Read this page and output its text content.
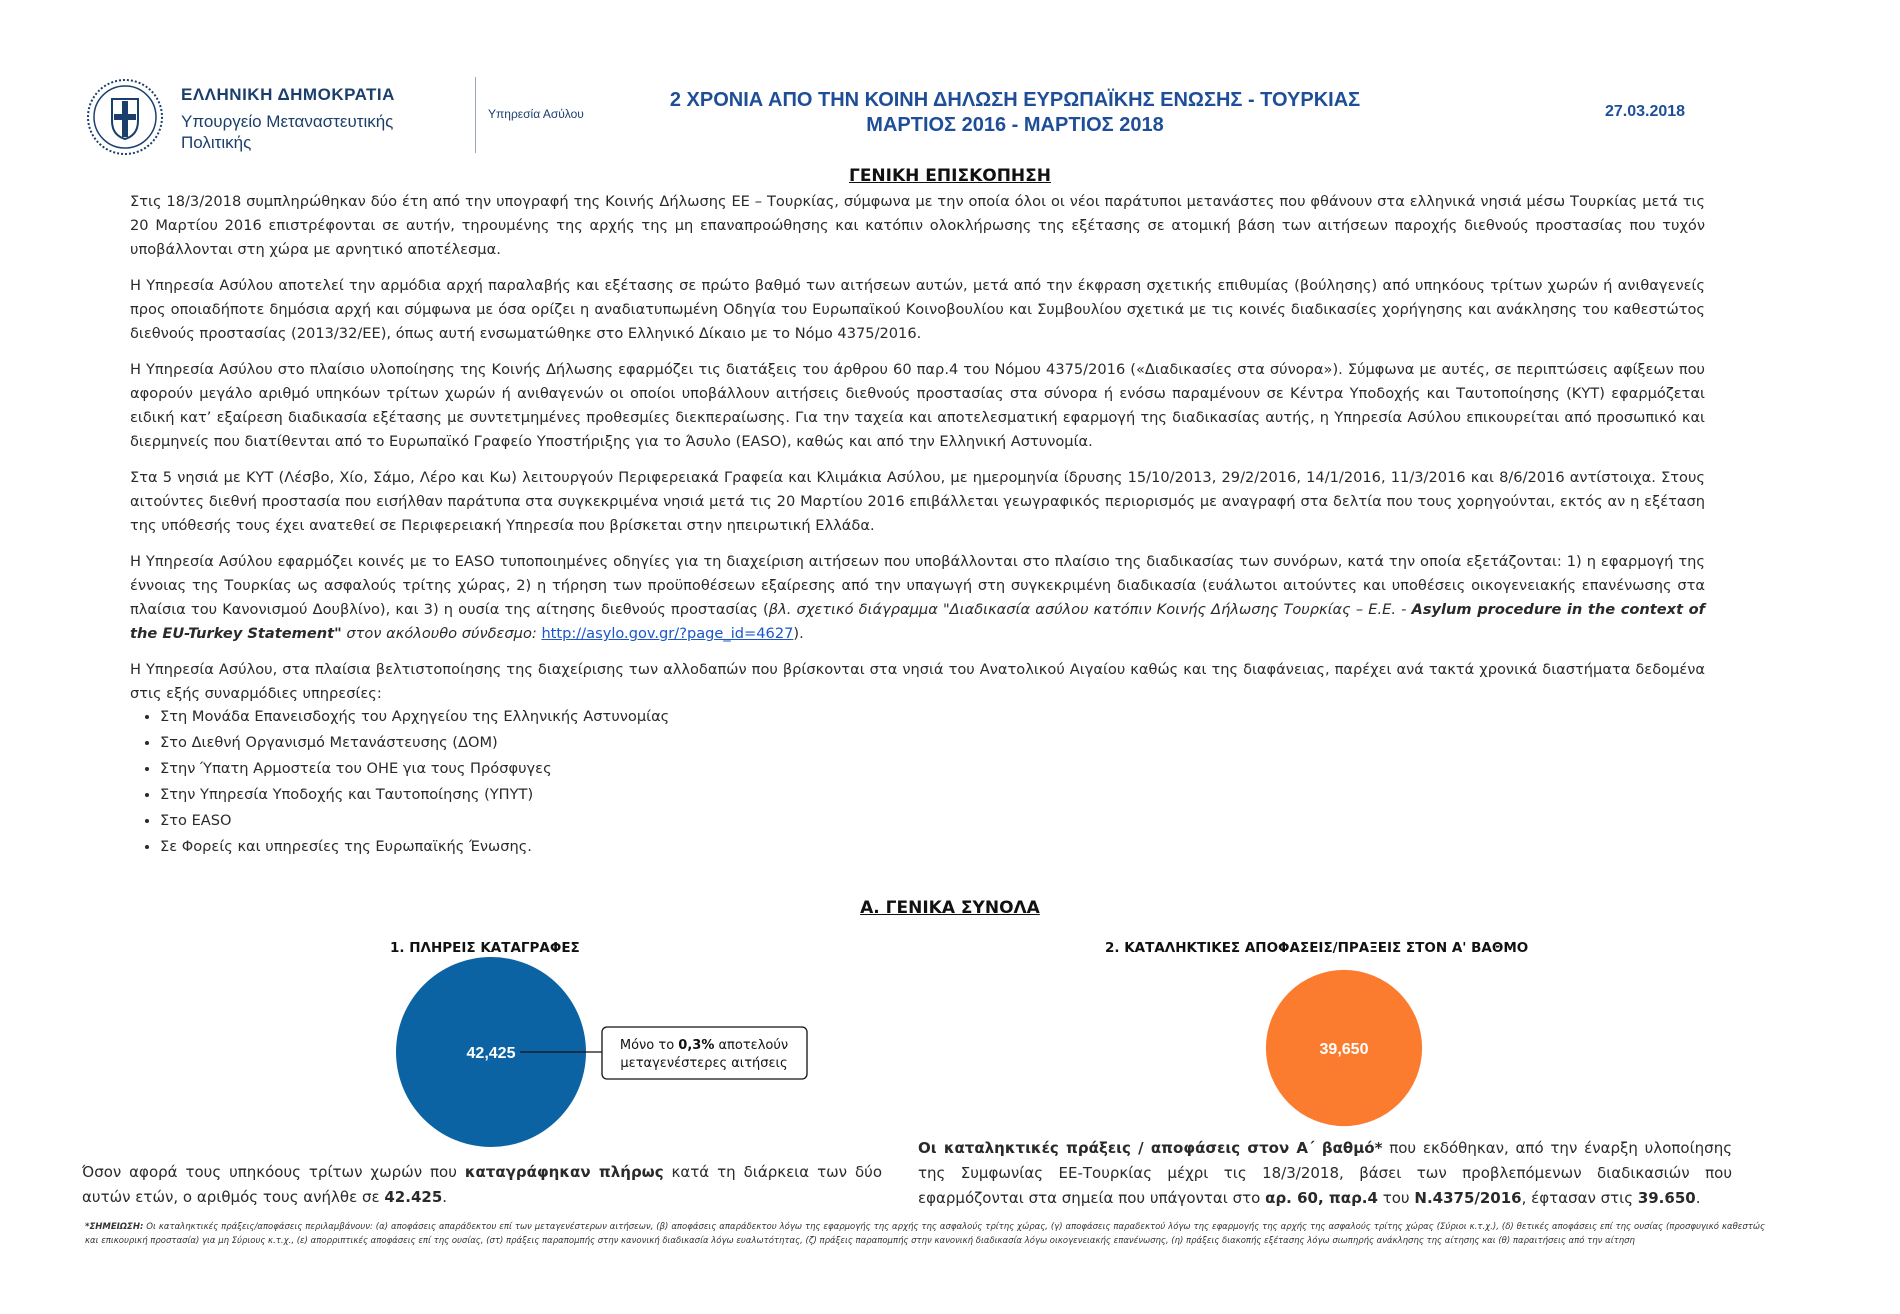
ΕΛΛΗΝΙΚΗ ΔΗΜΟΚΡΑΤΙΑ
Υπουργείο Μεταναστευτικής Πολιτικής
Υπηρεσία Ασύλου
2 ΧΡΟΝΙΑ ΑΠΟ ΤΗΝ ΚΟΙΝΗ ΔΗΛΩΣΗ ΕΥΡΩΠΑΪΚΗΣ ΕΝΩΣΗΣ - ΤΟΥΡΚΙΑΣ
ΜΑΡΤΙΟΣ 2016 - ΜΑΡΤΙΟΣ 2018
27.03.2018
ΓΕΝΙΚΗ ΕΠΙΣΚΟΠΗΣΗ

Στις 18/3/2018 συμπληρώθηκαν δύο έτη από την υπογραφή της Κοινής Δήλωσης ΕΕ – Τουρκίας, σύμφωνα με την οποία όλοι οι νέοι παράτυποι μετανάστες που φθάνουν στα ελληνικά νησιά μέσω Τουρκίας μετά τις 20 Μαρτίου 2016 επιστρέφονται σε αυτήν, τηρουμένης της αρχής της μη επαναπροώθησης και κατόπιν ολοκλήρωσης της εξέτασης σε ατομική βάση των αιτήσεων παροχής διεθνούς προστασίας που τυχόν υποβάλλονται στη χώρα με αρνητικό αποτέλεσμα.

Η Υπηρεσία Ασύλου αποτελεί την αρμόδια αρχή παραλαβής και εξέτασης σε πρώτο βαθμό των αιτήσεων αυτών, μετά από την έκφραση σχετικής επιθυμίας (βούλησης) από υπηκόους τρίτων χωρών ή ανιθαγενείς προς οποιαδήποτε δημόσια αρχή και σύμφωνα με όσα ορίζει η αναδιατυπωμένη Οδηγία του Ευρωπαϊκού Κοινοβουλίου και Συμβουλίου σχετικά με τις κοινές διαδικασίες χορήγησης και ανάκλησης του καθεστώτος διεθνούς προστασίας (2013/32/ΕΕ), όπως αυτή ενσωματώθηκε στο Ελληνικό Δίκαιο με το Νόμο 4375/2016.

Η Υπηρεσία Ασύλου στο πλαίσιο υλοποίησης της Κοινής Δήλωσης εφαρμόζει τις διατάξεις του άρθρου 60 παρ.4 του Νόμου 4375/2016 («Διαδικασίες στα σύνορα»). Σύμφωνα με αυτές, σε περιπτώσεις αφίξεων που αφορούν μεγάλο αριθμό υπηκόων τρίτων χωρών ή ανιθαγενών οι οποίοι υποβάλλουν αιτήσεις διεθνούς προστασίας στα σύνορα ή ενόσω παραμένουν σε Κέντρα Υποδοχής και Ταυτοποίησης (ΚΥΤ) εφαρμόζεται ειδική κατ’ εξαίρεση διαδικασία εξέτασης με συντετμημένες προθεσμίες διεκπεραίωσης. Για την ταχεία και αποτελεσματική εφαρμογή της διαδικασίας αυτής, η Υπηρεσία Ασύλου επικουρείται από προσωπικό και διερμηνείς που διατίθενται από το Ευρωπαϊκό Γραφείο Υποστήριξης για το Άσυλο (EASO), καθώς και από την Ελληνική Αστυνομία.

Στα 5 νησιά με ΚΥΤ (Λέσβο, Χίο, Σάμο, Λέρο και Κω) λειτουργούν Περιφερειακά Γραφεία και Κλιμάκια Ασύλου, με ημερομηνία ίδρυσης 15/10/2013, 29/2/2016, 14/1/2016, 11/3/2016 και 8/6/2016 αντίστοιχα. Στους αιτούντες διεθνή προστασία που εισήλθαν παράτυπα στα συγκεκριμένα νησιά μετά τις 20 Μαρτίου 2016 επιβάλλεται γεωγραφικός περιορισμός με αναγραφή στα δελτία που τους χορηγούνται, εκτός αν η εξέταση της υπόθεσής τους έχει ανατεθεί σε Περιφερειακή Υπηρεσία που βρίσκεται στην ηπειρωτική Ελλάδα.

Η Υπηρεσία Ασύλου εφαρμόζει κοινές με το EASO τυποποιημένες οδηγίες για τη διαχείριση αιτήσεων που υποβάλλονται στο πλαίσιο της διαδικασίας των συνόρων, κατά την οποία εξετάζονται: 1) η εφαρμογή της έννοιας της Τουρκίας ως ασφαλούς τρίτης χώρας, 2) η τήρηση των προϋποθέσεων εξαίρεσης από την υπαγωγή στη συγκεκριμένη διαδικασία (ευάλωτοι αιτούντες και υποθέσεις οικογενειακής επανένωσης στα πλαίσια του Κανονισμού Δουβλίνο), και 3) η ουσία της αίτησης διεθνούς προστασίας (βλ. σχετικό διάγραμμα "Διαδικασία ασύλου κατόπιν Κοινής Δήλωσης Τουρκίας – Ε.Ε. - Asylum procedure in the context of the EU-Turkey Statement" στον ακόλουθο σύνδεσμο: http://asylo.gov.gr/?page_id=4627).

Η Υπηρεσία Ασύλου, στα πλαίσια βελτιστοποίησης της διαχείρισης των αλλοδαπών που βρίσκονται στα νησιά του Ανατολικού Αιγαίου καθώς και της διαφάνειας, παρέχει ανά τακτά χρονικά διαστήματα δεδομένα στις εξής συναρμόδιες υπηρεσίες:

• Στη Μονάδα Επανεισδοχής του Αρχηγείου της Ελληνικής Αστυνομίας
• Στο Διεθνή Οργανισμό Μετανάστευσης (ΔΟΜ)
• Στην Ύπατη Αρμοστεία του ΟΗΕ για τους Πρόσφυγες
• Στην Υπηρεσία Υποδοχής και Ταυτοποίησης (ΥΠΥΤ)
• Στο EASO
• Σε Φορείς και υπηρεσίες της Ευρωπαϊκής Ένωσης.
Α. ΓΕΝΙΚΑ ΣΥΝΟΛΑ
1. ΠΛΗΡΕΙΣ ΚΑΤΑΓΡΑΦΕΣ	2. ΚΑΤΑΛΗΚΤΙΚΕΣ ΑΠΟΦΑΣΕΙΣ/ΠΡΑΞΕΙΣ ΣΤΟΝ Α' ΒΑΘΜΟ
42,425	Μόνο το 0,3% αποτελούν
μεταγενέστερες αιτήσεις
39,650
Όσον αφορά τους υπηκόους τρίτων χωρών που καταγράφηκαν πλήρως κατά τη διάρκεια των δύο αυτών ετών, ο αριθμός τους ανήλθε σε 42.425.
Οι καταληκτικές πράξεις / αποφάσεις στον Α΄ βαθμό* που εκδόθηκαν, από την έναρξη υλοποίησης της Συμφωνίας ΕΕ-Τουρκίας μέχρι τις 18/3/2018, βάσει των προβλεπόμενων διαδικασιών που εφαρμόζονται στα σημεία που υπάγονται στο αρ. 60, παρ.4 του Ν.4375/2016, έφτασαν στις 39.650.
*ΣΗΜΕΙΩΣΗ: Οι καταληκτικές πράξεις/αποφάσεις περιλαμβάνουν: (α) αποφάσεις απαράδεκτου επί των μεταγενέστερων αιτήσεων, (β) αποφάσεις απαράδεκτου λόγω της εφαρμογής της αρχής της ασφαλούς τρίτης χώρας, (γ) αποφάσεις παραδεκτού λόγω της εφαρμογής της αρχής της ασφαλούς τρίτης χώρας (Σύριοι κ.τ.χ.), (δ) θετικές αποφάσεις επί της ουσίας (προσφυγικό καθεστώς και επικουρική προστασία) για μη Σύριους κ.τ.χ., (ε) απορριπτικές αποφάσεις επί της ουσίας, (στ) πράξεις παραπομπής στην κανονική διαδικασία λόγω ευαλωτότητας, (ζ) πράξεις παραπομπής στην κανονική διαδικασία λόγω οικογενειακής επανένωσης, (η) πράξεις διακοπής εξέτασης λόγω σιωπηρής ανάκλησης της αίτησης και (θ) παραιτήσεις από την αίτηση
